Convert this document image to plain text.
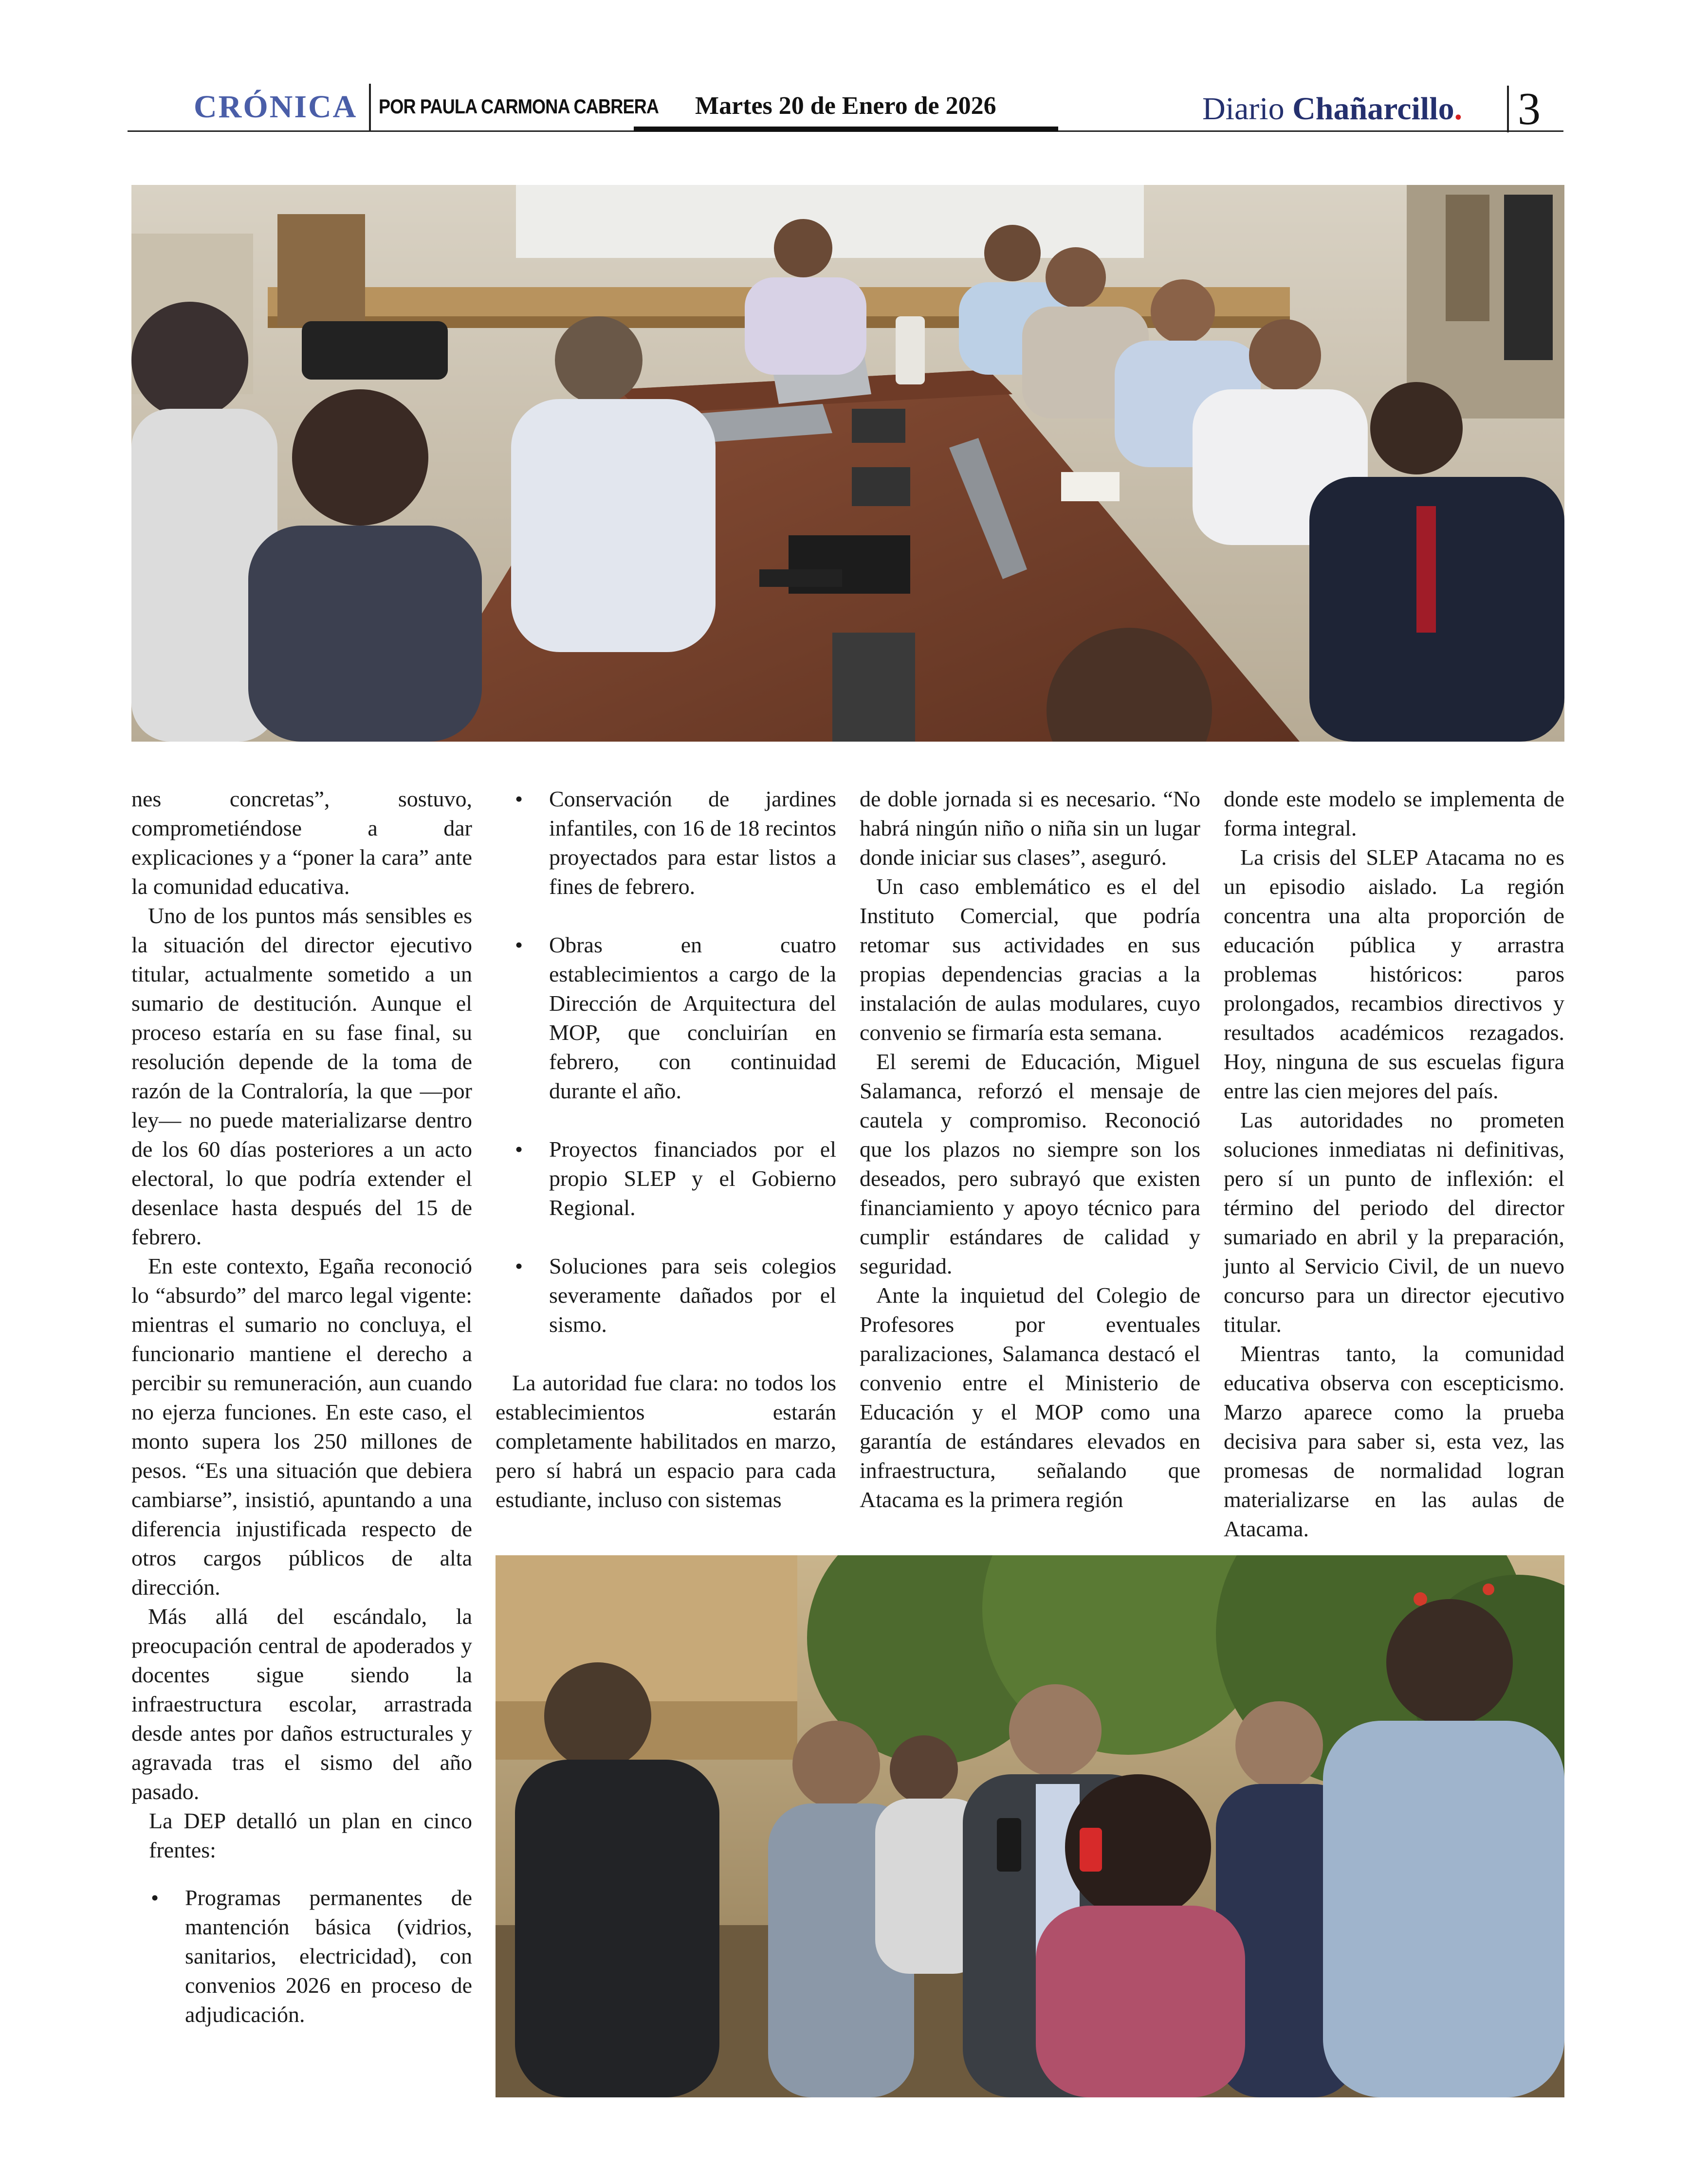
CRÓNICA POR PAULA CARMONA CABRERA Martes 20 de Enero de 2026	Diario Chañarcillo. 3

nes concretas”, sostuvo, comprometiéndose a dar explicaciones y a “poner la cara” ante la comunidad educativa.

Uno de los puntos más sensibles es la situación del director ejecutivo titular, actualmente sometido a un sumario de destitución. Aunque el proceso estaría en su fase final, su resolución depende de la toma de razón de la Contraloría, la que —por ley— no puede materializarse dentro de los 60 días posteriores a un acto electoral, lo que podría extender el desenlace hasta después del 15 de febrero.

En este contexto, Egaña reconoció lo “absurdo” del marco legal vigente: mientras el sumario no concluya, el funcionario mantiene el derecho a percibir su remuneración, aun cuando no ejerza funciones. En este caso, el monto supera los 250 millones de pesos. “Es una situación que debiera cambiarse”, insistió, apuntando a una diferencia injustificada respecto de otros cargos públicos de alta dirección.

Más allá del escándalo, la preocupación central de apoderados y docentes sigue siendo la infraestructura escolar, arrastrada desde antes por daños estructurales y agravada tras el sismo del año pasado.

La DEP detalló un plan en cinco frentes:

• Programas permanentes de mantención básica (vidrios, sanitarios, electricidad), con convenios 2026 en proceso de adjudicación.
• Conservación de jardines infantiles, con 16 de 18 recintos proyectados para estar listos a fines de febrero.
• Obras en cuatro establecimientos a cargo de la Dirección de Arquitectura del MOP, que concluirían en febrero, con continuidad durante el año.
• Proyectos financiados por el propio SLEP y el Gobierno Regional.
• Soluciones para seis colegios severamente dañados por el sismo.

La autoridad fue clara: no todos los establecimientos estarán completamente habilitados en marzo, pero sí habrá un espacio para cada estudiante, incluso con sistemas

de doble jornada si es necesario. “No habrá ningún niño o niña sin un lugar donde iniciar sus clases”, aseguró.

Un caso emblemático es el del Instituto Comercial, que podría retomar sus actividades en sus propias dependencias gracias a la instalación de aulas modulares, cuyo convenio se firmaría esta semana.

El seremi de Educación, Miguel Salamanca, reforzó el mensaje de cautela y compromiso. Reconoció que los plazos no siempre son los deseados, pero subrayó que existen financiamiento y apoyo técnico para cumplir estándares de calidad y seguridad.

Ante la inquietud del Colegio de Profesores por eventuales paralizaciones, Salamanca destacó el convenio entre el Ministerio de Educación y el MOP como una garantía de estándares elevados en infraestructura, señalando que Atacama es la primera región

donde este modelo se implementa de forma integral.

La crisis del SLEP Atacama no es un episodio aislado. La región concentra una alta proporción de educación pública y arrastra problemas históricos: paros prolongados, recambios directivos y resultados académicos rezagados. Hoy, ninguna de sus escuelas figura entre las cien mejores del país.

Las autoridades no prometen soluciones inmediatas ni definitivas, pero sí un punto de inflexión: el término del periodo del director sumariado en abril y la preparación, junto al Servicio Civil, de un nuevo concurso para un director ejecutivo titular.

Mientras tanto, la comunidad educativa observa con escepticismo. Marzo aparece como la prueba decisiva para saber si, esta vez, las promesas de normalidad logran materializarse en las aulas de Atacama.
